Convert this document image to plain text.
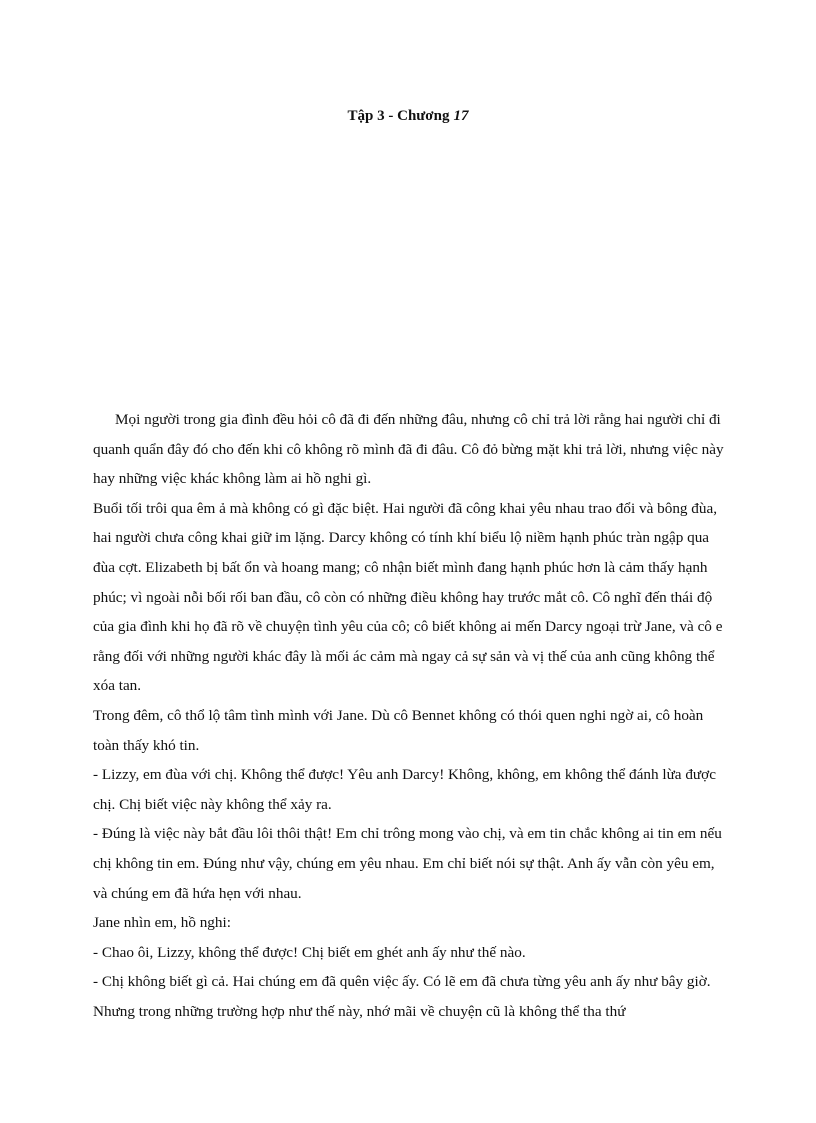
Tập 3 - Chương 17

Mọi người trong gia đình đều hỏi cô đã đi đến những đâu, nhưng cô chỉ trả lời rằng hai người chỉ đi quanh quẩn đây đó cho đến khi cô không rõ mình đã đi đâu. Cô đỏ bừng mặt khi trả lời, nhưng việc này hay những việc khác không làm ai hồ nghi gì.

Buổi tối trôi qua êm ả mà không có gì đặc biệt. Hai người đã công khai yêu nhau trao đổi và bông đùa, hai người chưa công khai giữ im lặng. Darcy không có tính khí biểu lộ niềm hạnh phúc tràn ngập qua đùa cợt. Elizabeth bị bất ổn và hoang mang; cô nhận biết mình đang hạnh phúc hơn là cảm thấy hạnh phúc; vì ngoài nỗi bối rối ban đầu, cô còn có những điều không hay trước mắt cô. Cô nghĩ đến thái độ của gia đình khi họ đã rõ về chuyện tình yêu của cô; cô biết không ai mến Darcy ngoại trừ Jane, và cô e rằng đối với những người khác đây là mối ác cảm mà ngay cả sự sản và vị thế của anh cũng không thể xóa tan.

Trong đêm, cô thổ lộ tâm tình mình với Jane. Dù cô Bennet không có thói quen nghi ngờ ai, cô hoàn toàn thấy khó tin.

- Lizzy, em đùa với chị. Không thể được! Yêu anh Darcy! Không, không, em không thể đánh lừa được chị. Chị biết việc này không thể xảy ra.

- Đúng là việc này bắt đầu lôi thôi thật! Em chỉ trông mong vào chị, và em tin chắc không ai tin em nếu chị không tin em. Đúng như vậy, chúng em yêu nhau. Em chỉ biết nói sự thật. Anh ấy vẫn còn yêu em, và chúng em đã hứa hẹn với nhau.

Jane nhìn em, hồ nghi:

- Chao ôi, Lizzy, không thể được! Chị biết em ghét anh ấy như thế nào.

- Chị không biết gì cả. Hai chúng em đã quên việc ấy. Có lẽ em đã chưa từng yêu anh ấy như bây giờ. Nhưng trong những trường hợp như thế này, nhớ mãi về chuyện cũ là không thể tha thứ
